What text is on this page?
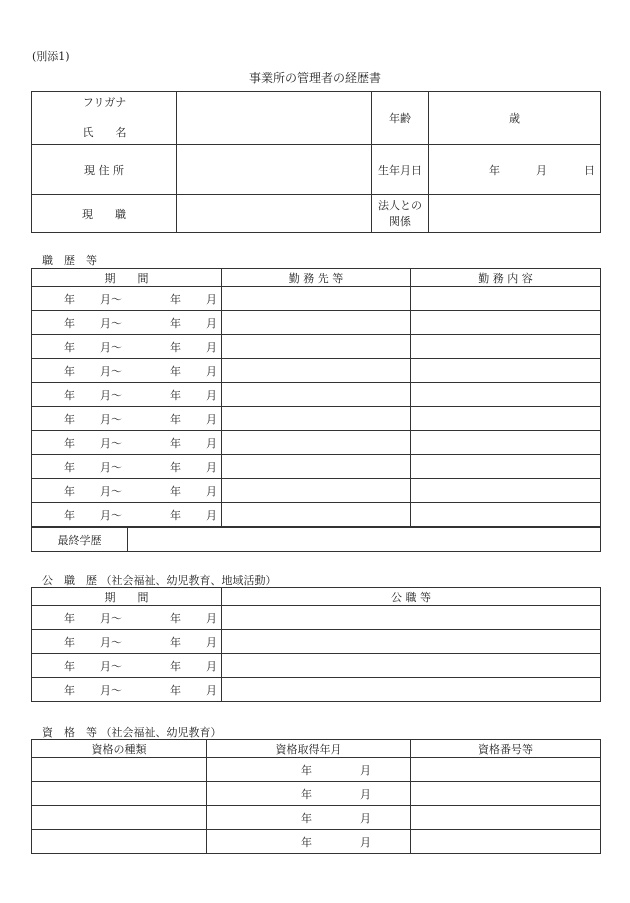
(別添1)
事業所の管理者の経歴書
フリガナ
氏　　名		年齢	歳
現 住 所		生年月日	年 月 日

現　　職		法人との
関係	

職　歴　等
期　　間	勤 務 先 等	勤 務 内 容

年 月～ 年 月		

年 月～ 年 月		

年 月～ 年 月		

年 月～ 年 月		

年 月～ 年 月		

年 月～ 年 月		

年 月～ 年 月		

年 月～ 年 月		

年 月～ 年 月		

年 月～ 年 月		

最終学歴	
公　職　歴 （社会福祉、幼児教育、地域活動）
期　　間	公 職 等

年 月～ 年 月	

年 月～ 年 月	

年 月～ 年 月	

年 月～ 年 月	

資　格　等 （社会福祉、幼児教育）
資格の種類	資格取得年月	資格番号等

	年 月	

	年 月	

	年 月	

	年 月	
